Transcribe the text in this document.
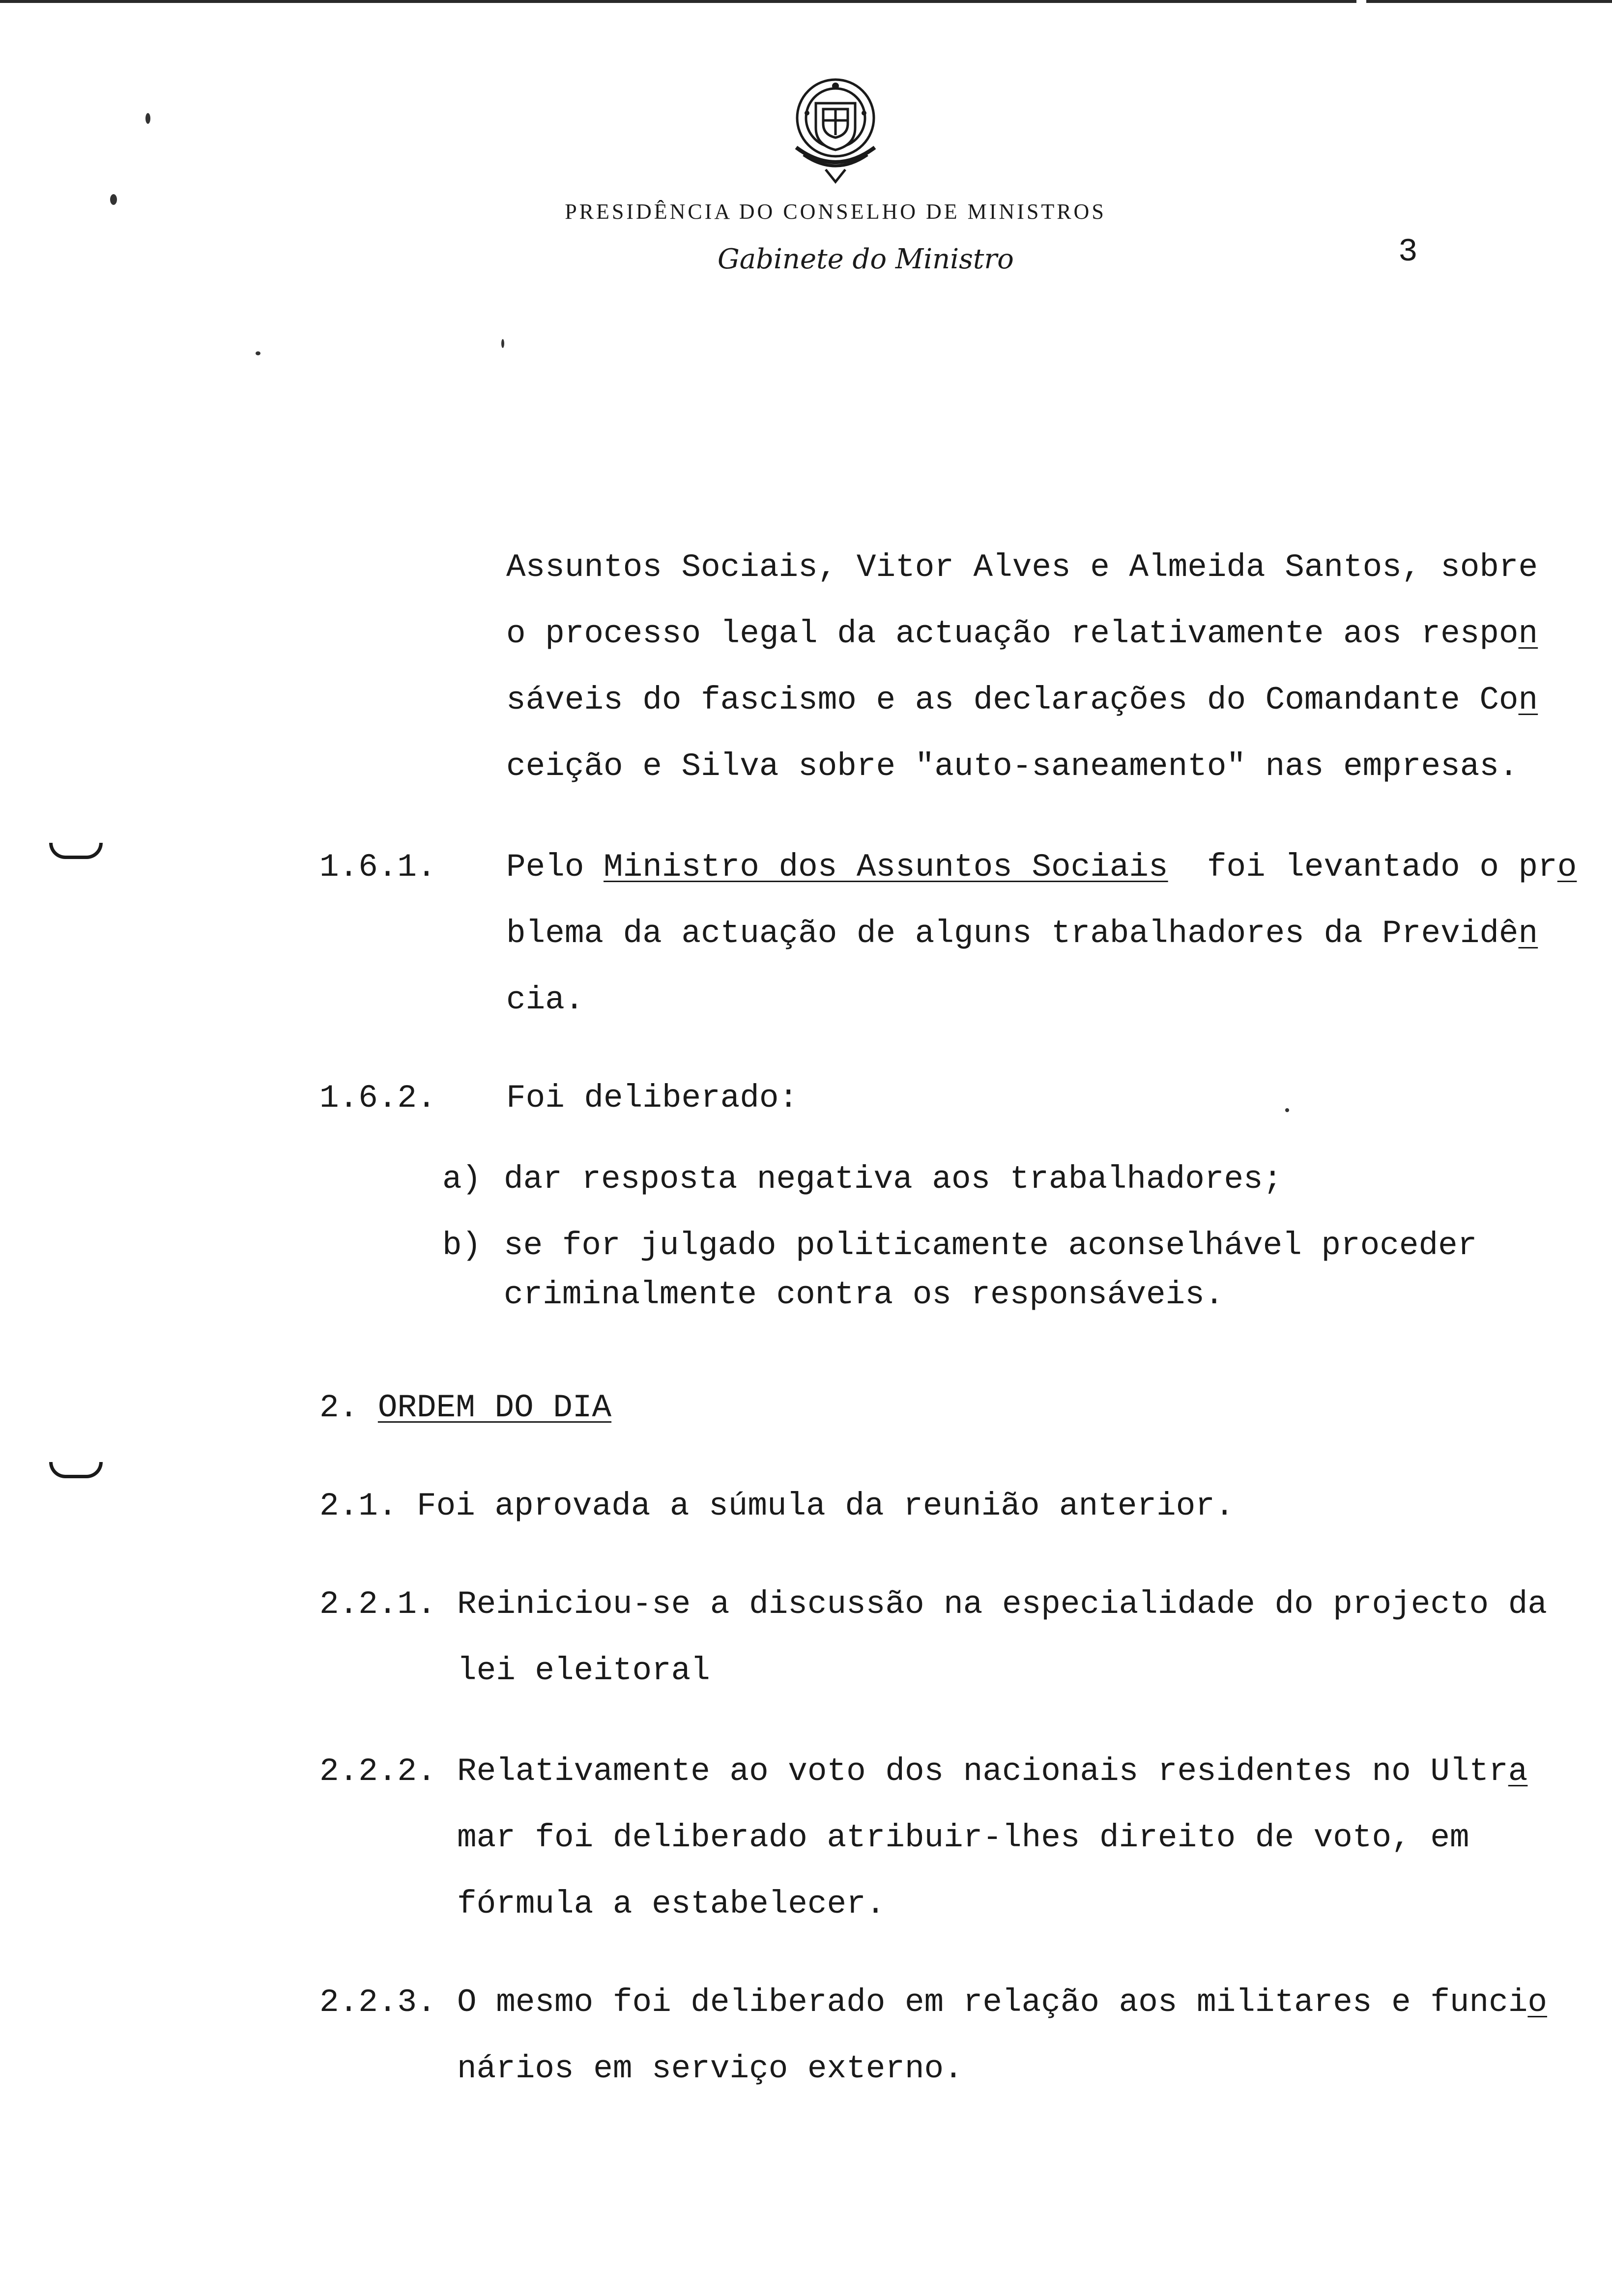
PRESIDÊNCIA DO CONSELHO DE MINISTROS
Gabinete do Ministro	3
Assuntos Sociais, Vitor Alves e Almeida Santos, sobre
o processo legal da actuação relativamente aos respon
sáveis do fascismo e as declarações do Comandante Con
ceição e Silva sobre "auto-saneamento" nas empresas.
1.6.1. Pelo Ministro dos Assuntos Sociais  foi levantado o pro
blema da actuação de alguns trabalhadores da Previdên
cia.
1.6.2. Foi deliberado:
a) dar resposta negativa aos trabalhadores;
b) se for julgado politicamente aconselhável proceder
criminalmente contra os responsáveis.
2. ORDEM DO DIA
2.1. Foi aprovada a súmula da reunião anterior.
2.2.1. Reiniciou-se a discussão na especialidade do projecto da
lei eleitoral
2.2.2. Relativamente ao voto dos nacionais residentes no Ultra
mar foi deliberado atribuir-lhes direito de voto, em
fórmula a estabelecer.
2.2.3. O mesmo foi deliberado em relação aos militares e funcio
nários em serviço externo.
